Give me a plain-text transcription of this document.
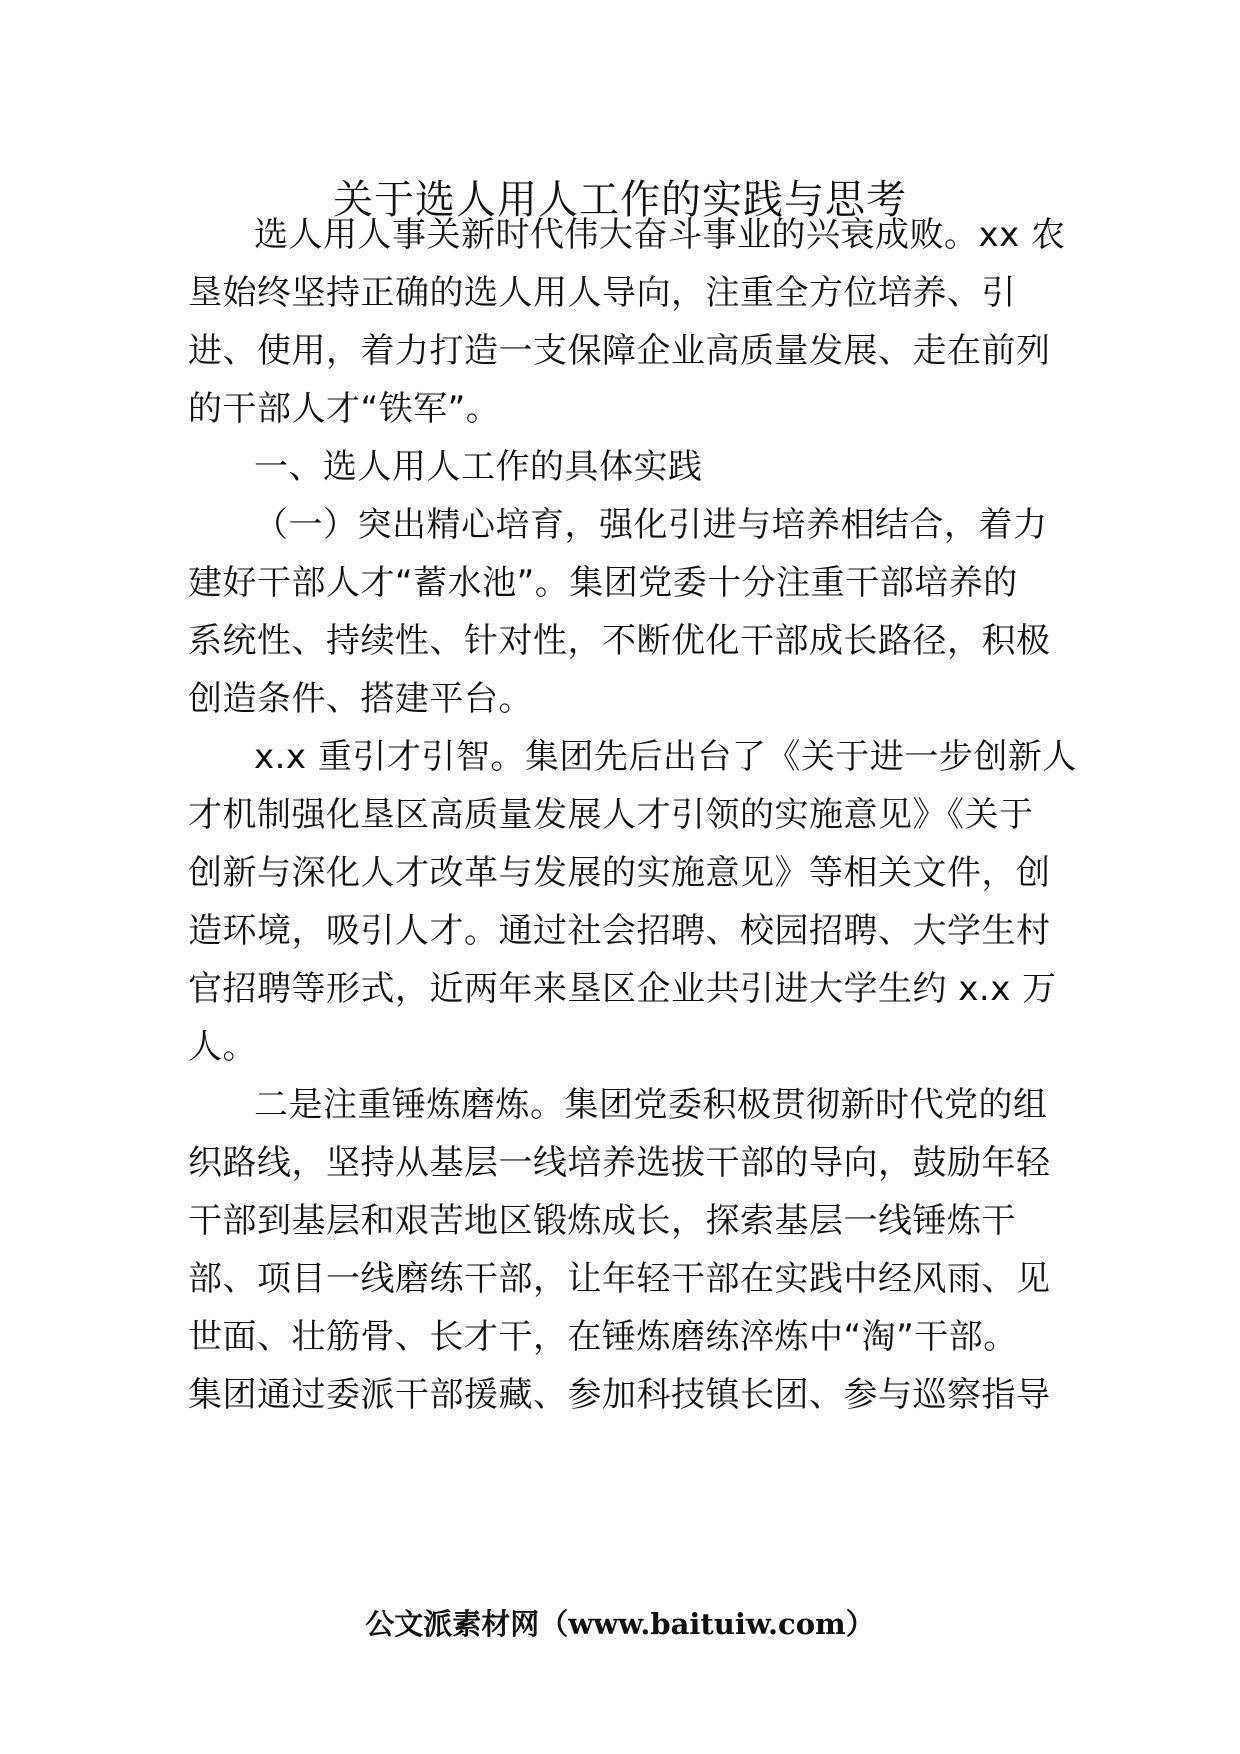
关于选人用人工作的实践与思考
选人用人事关新时代伟大奋斗事业的兴衰成败。xx 农
垦始终坚持正确的选人用人导向，注重全方位培养、引
进、使用，着力打造一支保障企业高质量发展、走在前列
的干部人才“铁军”。
一、选人用人工作的具体实践
（一）突出精心培育，强化引进与培养相结合，着力
建好干部人才“蓄水池”。集团党委十分注重干部培养的
系统性、持续性、针对性，不断优化干部成长路径，积极
创造条件、搭建平台。
x.x 重引才引智。集团先后出台了《关于进一步创新人
才机制强化垦区高质量发展人才引领的实施意见》《关于
创新与深化人才改革与发展的实施意见》等相关文件，创
造环境，吸引人才。通过社会招聘、校园招聘、大学生村
官招聘等形式，近两年来垦区企业共引进大学生约 x.x 万
人。
二是注重锤炼磨炼。集团党委积极贯彻新时代党的组
织路线，坚持从基层一线培养选拔干部的导向，鼓励年轻
干部到基层和艰苦地区锻炼成长，探索基层一线锤炼干
部、项目一线磨练干部，让年轻干部在实践中经风雨、见
世面、壮筋骨、长才干，在锤炼磨练淬炼中“淘”干部。
集团通过委派干部援藏、参加科技镇长团、参与巡察指导
公文派素材网（www.baituiw.com）
